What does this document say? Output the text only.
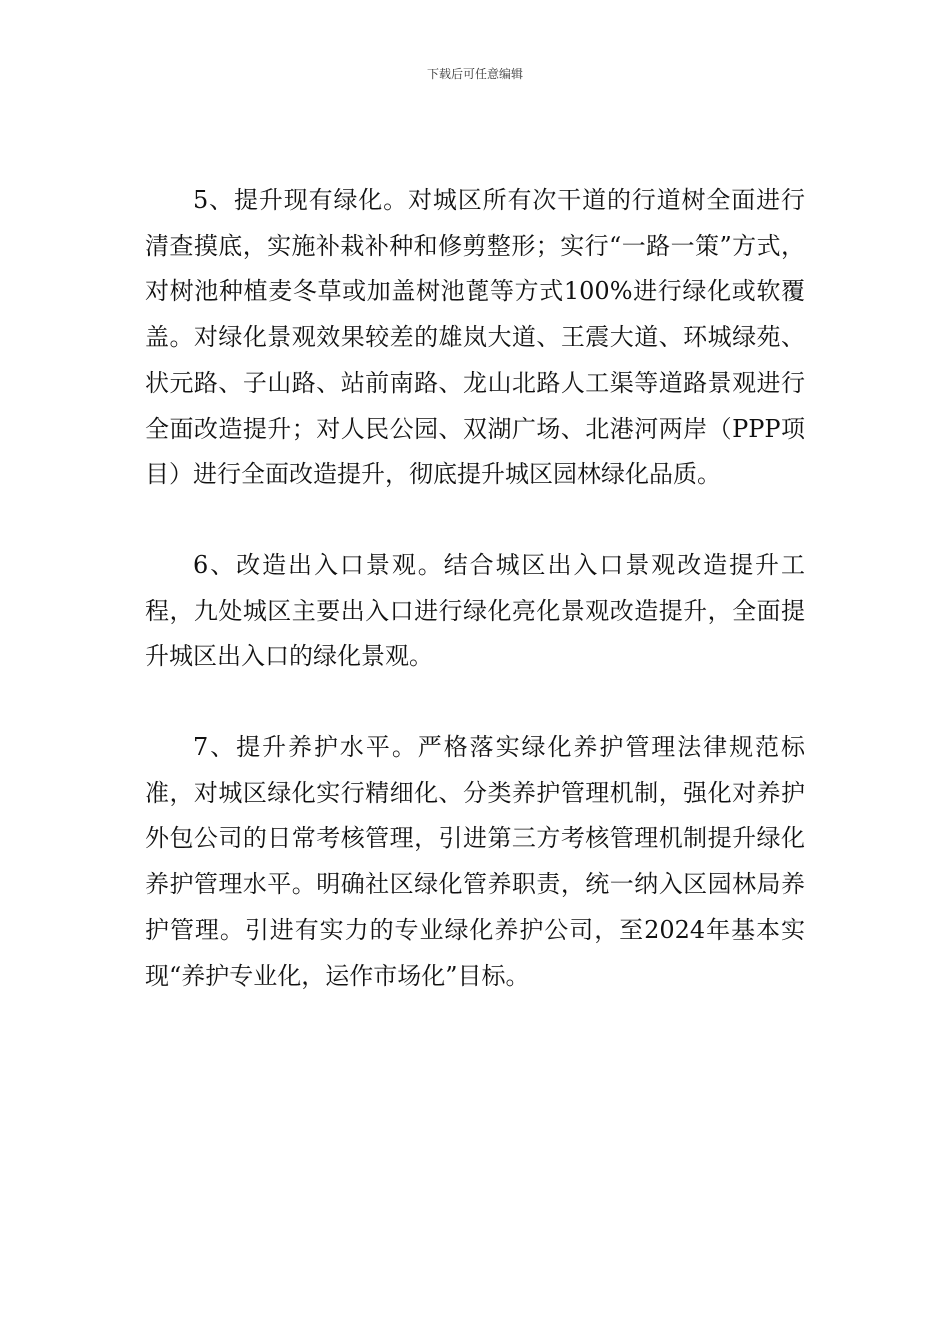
下载后可任意编辑

5、提升现有绿化。对城区所有次干道的行道树全面进行清查摸底，实施补栽补种和修剪整形；实行“一路一策”方式，对树池种植麦冬草或加盖树池蓖等方式100%进行绿化或软覆盖。对绿化景观效果较差的雄岚大道、王震大道、环城绿苑、状元路、子山路、站前南路、龙山北路人工渠等道路景观进行全面改造提升；对人民公园、双湖广场、北港河两岸（PPP项目）进行全面改造提升，彻底提升城区园林绿化品质。

6、改造出入口景观。结合城区出入口景观改造提升工程，九处城区主要出入口进行绿化亮化景观改造提升，全面提升城区出入口的绿化景观。

7、提升养护水平。严格落实绿化养护管理法律规范标准，对城区绿化实行精细化、分类养护管理机制，强化对养护外包公司的日常考核管理，引进第三方考核管理机制提升绿化养护管理水平。明确社区绿化管养职责，统一纳入区园林局养护管理。引进有实力的专业绿化养护公司，至2024年基本实现“养护专业化，运作市场化”目标。
